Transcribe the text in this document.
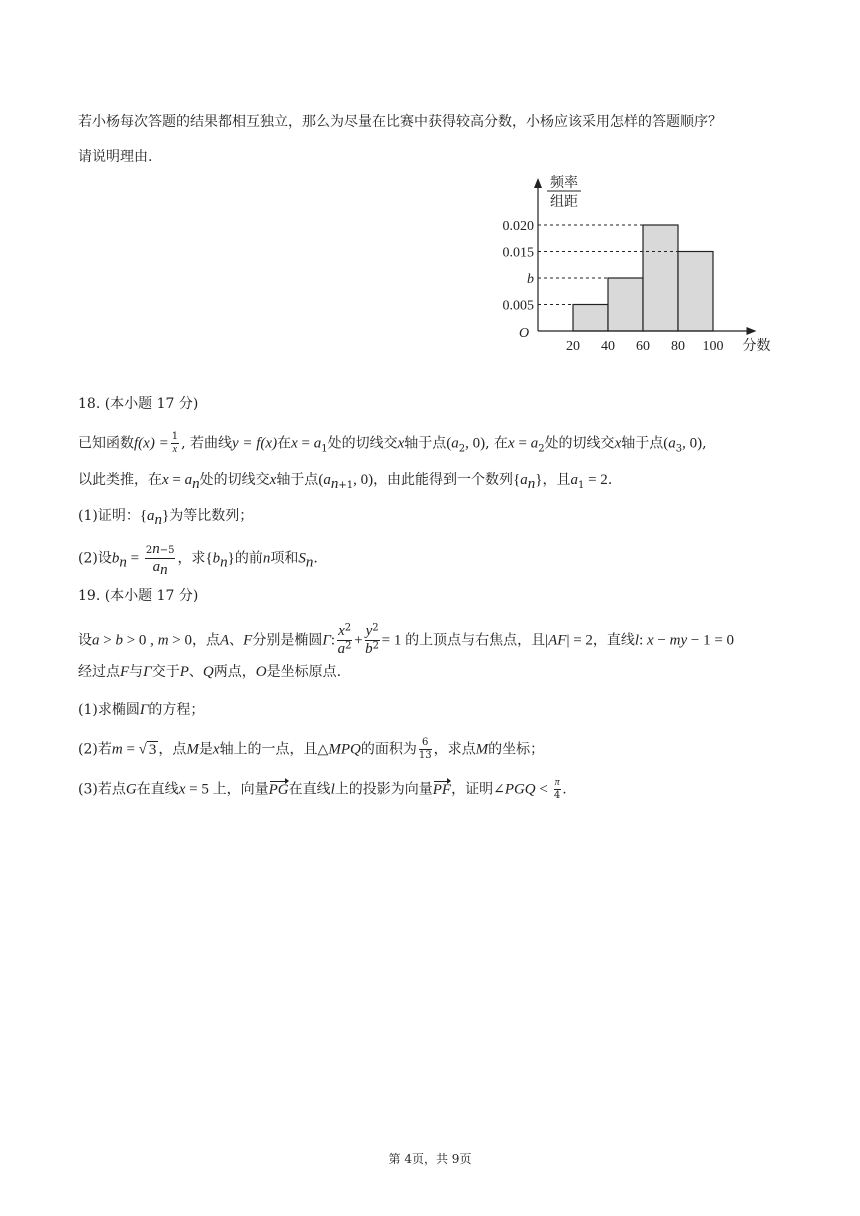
若小杨每次答题的结果都相互独立，那么为尽量在比赛中获得较高分数，小杨应该采用怎样的答题顺序？
请说明理由.
20 40 60 80 100
O
0.005
b
0.015
0.020
频率
组距
分数
18. (本小题 17 分)
已知函数$f(x) = \frac{1}{x}$ , 若曲线y = f(x)在$x = a_1$处的切线交x轴于点($a_2$, 0), 在$x = a_2$处的切线交x轴于点($a_3$, 0),
以此类推，在$x = a_n$处的切线交x轴于点($a_{n+1}$, 0)，由此能得到一个数列$\{a_n\}$，且$a_1 = 2$.
(1)证明：$\{a_n\}$为等比数列；
(2)设$b_n = \frac{2n-5}{a_n}$ ，求$\{b_n\}$的前n项和$S_n$.
19. (本小题 17 分)
设a > b > 0 , m > 0，点A、F分别是椭圆Γ: $\frac{x^2}{a^2} + \frac{y^2}{b^2} = 1$ 的上顶点与右焦点，且|AF| = 2，直线l: x − my − 1 = 0
经过点F与Γ交于P、Q两点，O是坐标原点.
(1)求椭圆Γ的方程；
(2)若m = √ 3 ，点M是x轴上的一点，且△MPQ的面积为 $\frac{6}{13}$ ，求点M的坐标；
(3)若点G在直线x = 5 上，向量PG在直线l上的投影为向量PF，证明∠PGQ < $\frac{\pi}{4}$ .
第 4页，共 9页
